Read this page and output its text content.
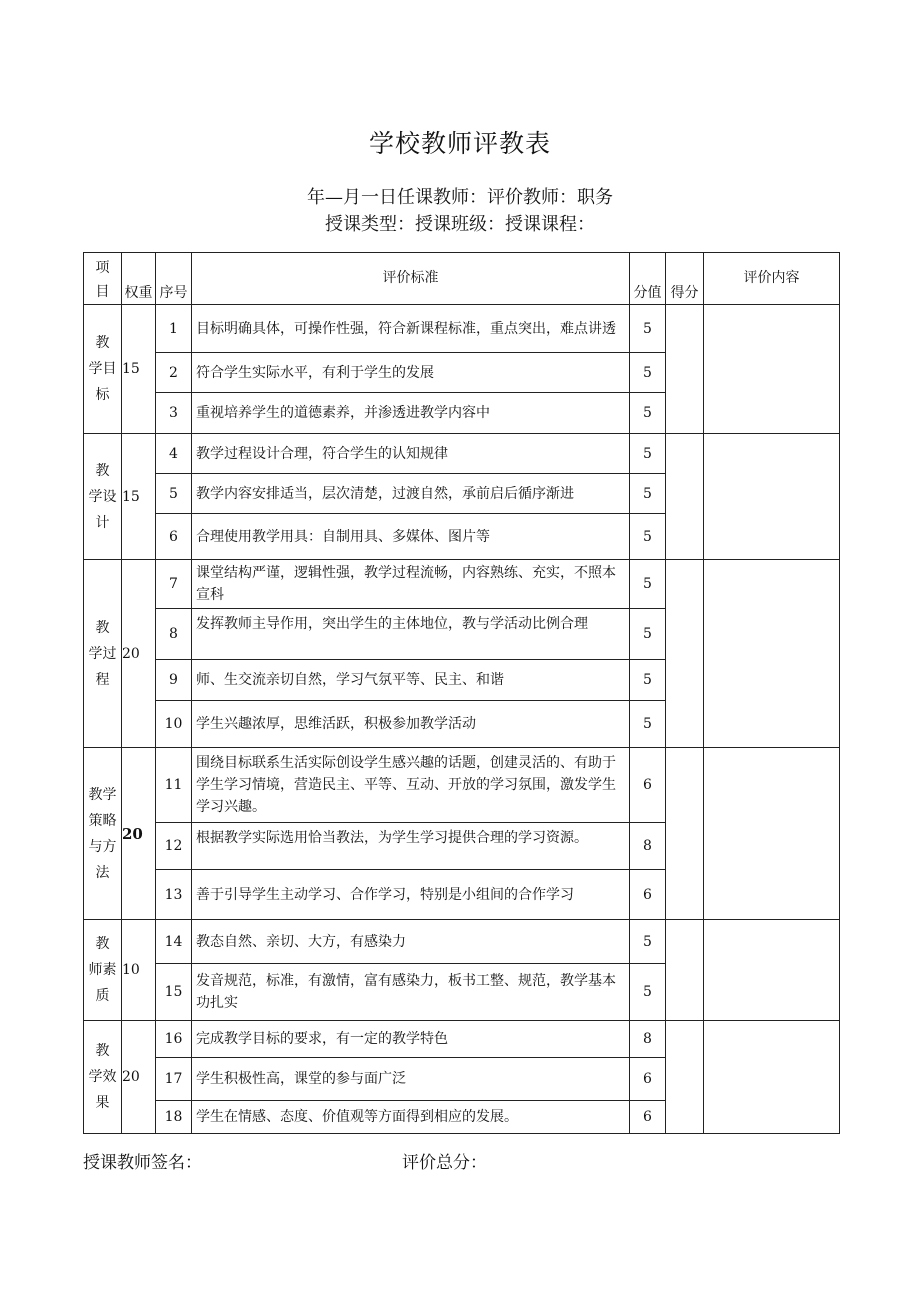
学校教师评教表
年—月一日任课教师：评价教师：职务
授课类型：授课班级：授课课程：
项
目	权重	序号	评价标准	分值	得分	评价内容
教
学目
标	15	1	目标明确具体，可操作性强，符合新课程标准，重点突出，难点讲透	5		
		2	符合学生实际水平，有利于学生的发展	5		
		3	重视培养学生的道德素养，并渗透进教学内容中	5		
教
学设
计	15	4	教学过程设计合理，符合学生的认知规律	5		
		5	教学内容安排适当，层次清楚，过渡自然，承前启后循序渐进	5		
		6	合理使用教学用具：自制用具、多媒体、图片等	5		
教
学过
程	20	7	课堂结构严谨，逻辑性强，教学过程流畅，内容熟练、充实，不照本宣科	5		
		8	发挥教师主导作用，突出学生的主体地位，教与学活动比例合理	5		
		9	师、生交流亲切自然，学习气氛平等、民主、和谐	5		
		10	学生兴趣浓厚，思维活跃，积极参加教学活动	5		
教学
策略
与方
法	20	11	围绕目标联系生活实际创设学生感兴趣的话题，创建灵活的、有助于学生学习情境，营造民主、平等、互动、开放的学习氛围，激发学生学习兴趣。	6		
		12	根据教学实际选用恰当教法，为学生学习提供合理的学习资源。	8		
		13	善于引导学生主动学习、合作学习，特别是小组间的合作学习	6		
教
师素
质	10	14	教态自然、亲切、大方，有感染力	5		
		15	发音规范，标准，有激情，富有感染力，板书工整、规范，教学基本功扎实	5		
教
学效
果	20	16	完成教学目标的要求，有一定的教学特色	8		
		17	学生积极性高，课堂的参与面广泛	6		
		18	学生在情感、态度、价值观等方面得到相应的发展。	6		
授课教师签名：	评价总分：
